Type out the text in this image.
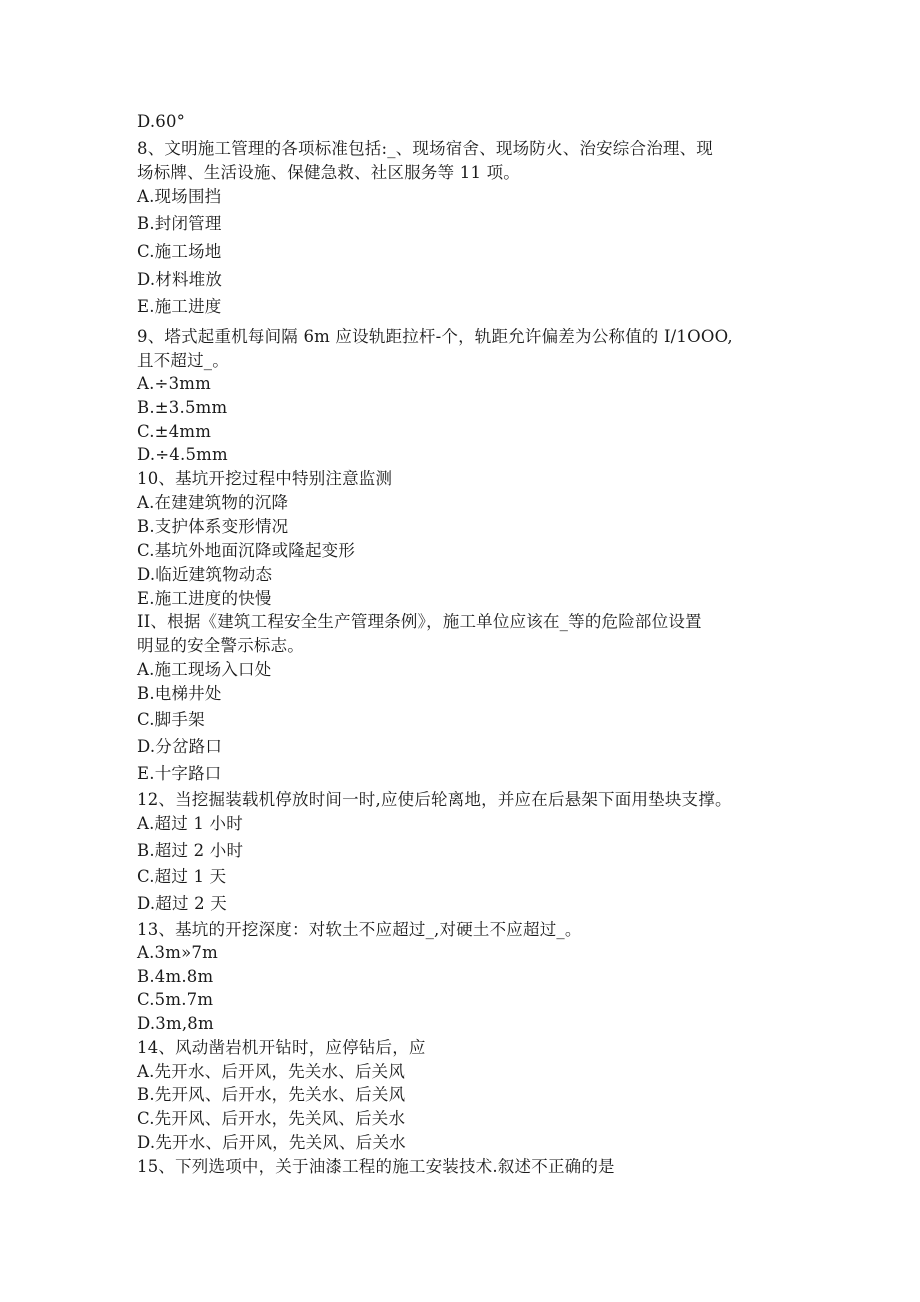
D.60°
8、文明施工管理的各项标准包括:_、现场宿舍、现场防火、治安综合治理、现
场标牌、生活设施、保健急救、社区服务等 11 项。
A.现场围挡
B.封闭管理
C.施工场地
D.材料堆放
E.施工进度
9、塔式起重机每间隔 6m 应设轨距拉杆-个，轨距允许偏差为公称值的 I/1OOO,
且不超过_。
A.÷3mm
B.±3.5mm
C.±4mm
D.÷4.5mm
10、基坑开挖过程中特别注意监测
A.在建建筑物的沉降
B.支护体系变形情况
C.基坑外地面沉降或隆起变形
D.临近建筑物动态
E.施工进度的快慢
II、根据《建筑工程安全生产管理条例》，施工单位应该在_等的危险部位设置
明显的安全警示标志。
A.施工现场入口处
B.电梯井处
C.脚手架
D.分岔路口
E.十字路口
12、当挖掘装载机停放时间一时,应使后轮离地，并应在后悬架下面用垫块支撑。
A.超过 1 小时
B.超过 2 小时
C.超过 1 天
D.超过 2 天
13、基坑的开挖深度：对软土不应超过_,对硬土不应超过_。
A.3m»7m
B.4m.8m
C.5m.7m
D.3m,8m
14、风动凿岩机开钻时，应停钻后，应
A.先开水、后开风，先关水、后关风
B.先开风、后开水，先关水、后关风
C.先开风、后开水，先关风、后关水
D.先开水、后开风，先关风、后关水
15、下列选项中，关于油漆工程的施工安装技术.叙述不正确的是
